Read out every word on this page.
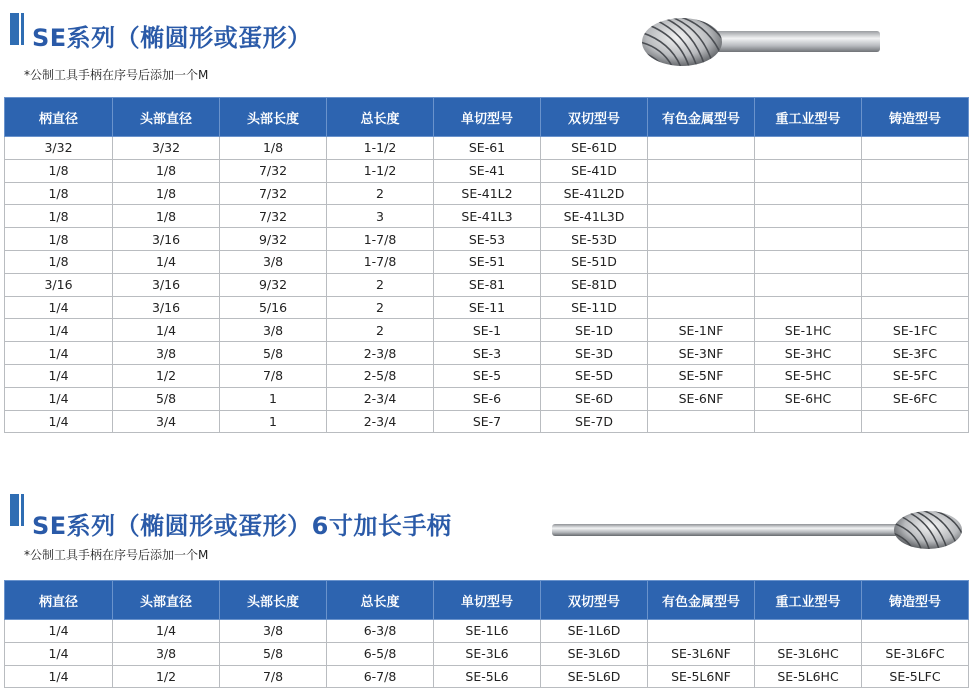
SE系列（椭圆形或蛋形）
*公制工具手柄在序号后添加一个M
柄直径	头部直径	头部长度	总长度	单切型号	双切型号	有色金属型号	重工业型号	铸造型号
3/32	3/32	1/8	1-1/2	SE-61	SE-61D			
1/8	1/8	7/32	1-1/2	SE-41	SE-41D			
1/8	1/8	7/32	2	SE-41L2	SE-41L2D			
1/8	1/8	7/32	3	SE-41L3	SE-41L3D			
1/8	3/16	9/32	1-7/8	SE-53	SE-53D			
1/8	1/4	3/8	1-7/8	SE-51	SE-51D			
3/16	3/16	9/32	2	SE-81	SE-81D			
1/4	3/16	5/16	2	SE-11	SE-11D			
1/4	1/4	3/8	2	SE-1	SE-1D	SE-1NF	SE-1HC	SE-1FC
1/4	3/8	5/8	2-3/8	SE-3	SE-3D	SE-3NF	SE-3HC	SE-3FC
1/4	1/2	7/8	2-5/8	SE-5	SE-5D	SE-5NF	SE-5HC	SE-5FC
1/4	5/8	1	2-3/4	SE-6	SE-6D	SE-6NF	SE-6HC	SE-6FC
1/4	3/4	1	2-3/4	SE-7	SE-7D			
SE系列（椭圆形或蛋形）6寸加长手柄
*公制工具手柄在序号后添加一个M
柄直径	头部直径	头部长度	总长度	单切型号	双切型号	有色金属型号	重工业型号	铸造型号
1/4	1/4	3/8	6-3/8	SE-1L6	SE-1L6D			
1/4	3/8	5/8	6-5/8	SE-3L6	SE-3L6D	SE-3L6NF	SE-3L6HC	SE-3L6FC
1/4	1/2	7/8	6-7/8	SE-5L6	SE-5L6D	SE-5L6NF	SE-5L6HC	SE-5LFC
